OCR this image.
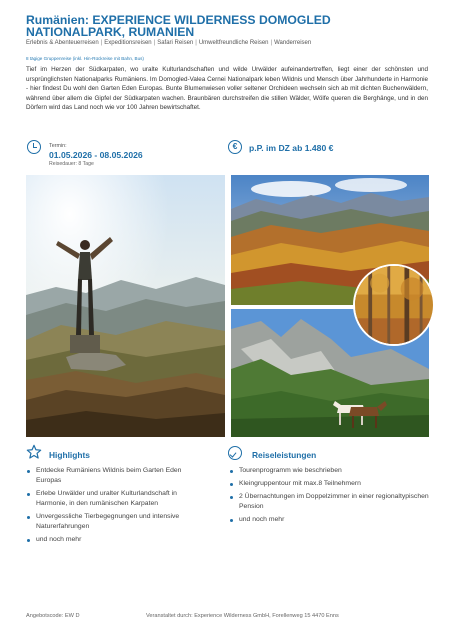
Rumänien: EXPERIENCE WILDERNESS DOMOGLED NATIONALPARK, RUMANIEN
Erlebnis & Abenteuerreisen | Expeditionsreisen | Safari Reisen | Umweltfreundliche Reisen | Wanderreisen
8 tägige Gruppenreise (inkl. Hin-Rückreise mit Bahn, Bus)
Tief im Herzen der Südkarpaten, wo uralte Kulturlandschaften und wilde Urwälder aufeinandertreffen, liegt einer der schönsten und ursprünglichsten Nationalparks Rumäniens. Im Domogled-Valea Cernei Nationalpark leben Wildnis und Mensch über Jahrhunderte in Harmonie - hier findest Du wohl den Garten Eden Europas. Bunte Blumenwiesen voller seltener Orchideen wechseln sich ab mit dichten Buchenwäldern, während über allem die Gipfel der Südkarpaten wachen. Braunbären durchstreifen die stillen Wälder, Wölfe queren die Berghänge, und in den Dörfern wird das Land noch wie vor 100 Jahren bewirtschaftet.
Termin:
01.05.2026 - 08.05.2026
Reisedauer: 8 Tage
€	p.P. im DZ ab 1.480 €
Highlights
Entdecke Rumäniens Wildnis beim Garten Eden Europas
Erlebe Urwälder und uralter Kulturlandschaft in Harmonie, in den rumänischen Karpaten
Unvergessliche Tierbegegnungen und intensive Naturerfahrungen
und noch mehr
Reiseleistungen
Tourenprogramm wie beschrieben
Kleingruppentour mit max.8 Teilnehmern
2 Übernachtungen im Doppelzimmer in einer regionaltypischen Pension
und noch mehr
Angebotscode: EW D	Veranstaltet durch: Experience Wilderness GmbH, Forellenweg 15 4470 Enns
